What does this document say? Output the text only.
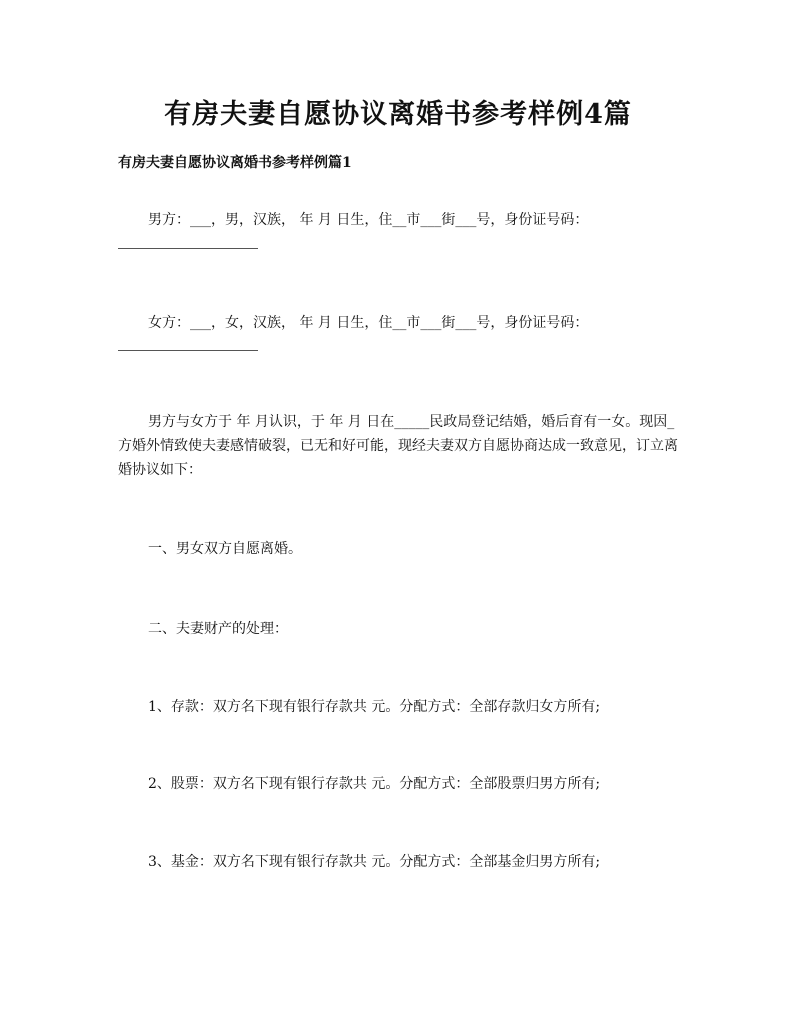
有房夫妻自愿协议离婚书参考样例4篇
有房夫妻自愿协议离婚书参考样例篇1

男方：___，男，汉族， 年 月 日生，住__市___街___号，身份证号码：

女方：___，女，汉族， 年 月 日生，住__市___街___号，身份证号码：

男方与女方于 年 月认识，于 年 月 日在_____民政局登记结婚，婚后育有一女。现因_方婚外情致使夫妻感情破裂，已无和好可能，现经夫妻双方自愿协商达成一致意见，订立离婚协议如下：

一、男女双方自愿离婚。

二、夫妻财产的处理：

1、存款：双方名下现有银行存款共 元。分配方式：全部存款归女方所有;

2、股票：双方名下现有银行存款共 元。分配方式：全部股票归男方所有;

3、基金：双方名下现有银行存款共 元。分配方式：全部基金归男方所有;
